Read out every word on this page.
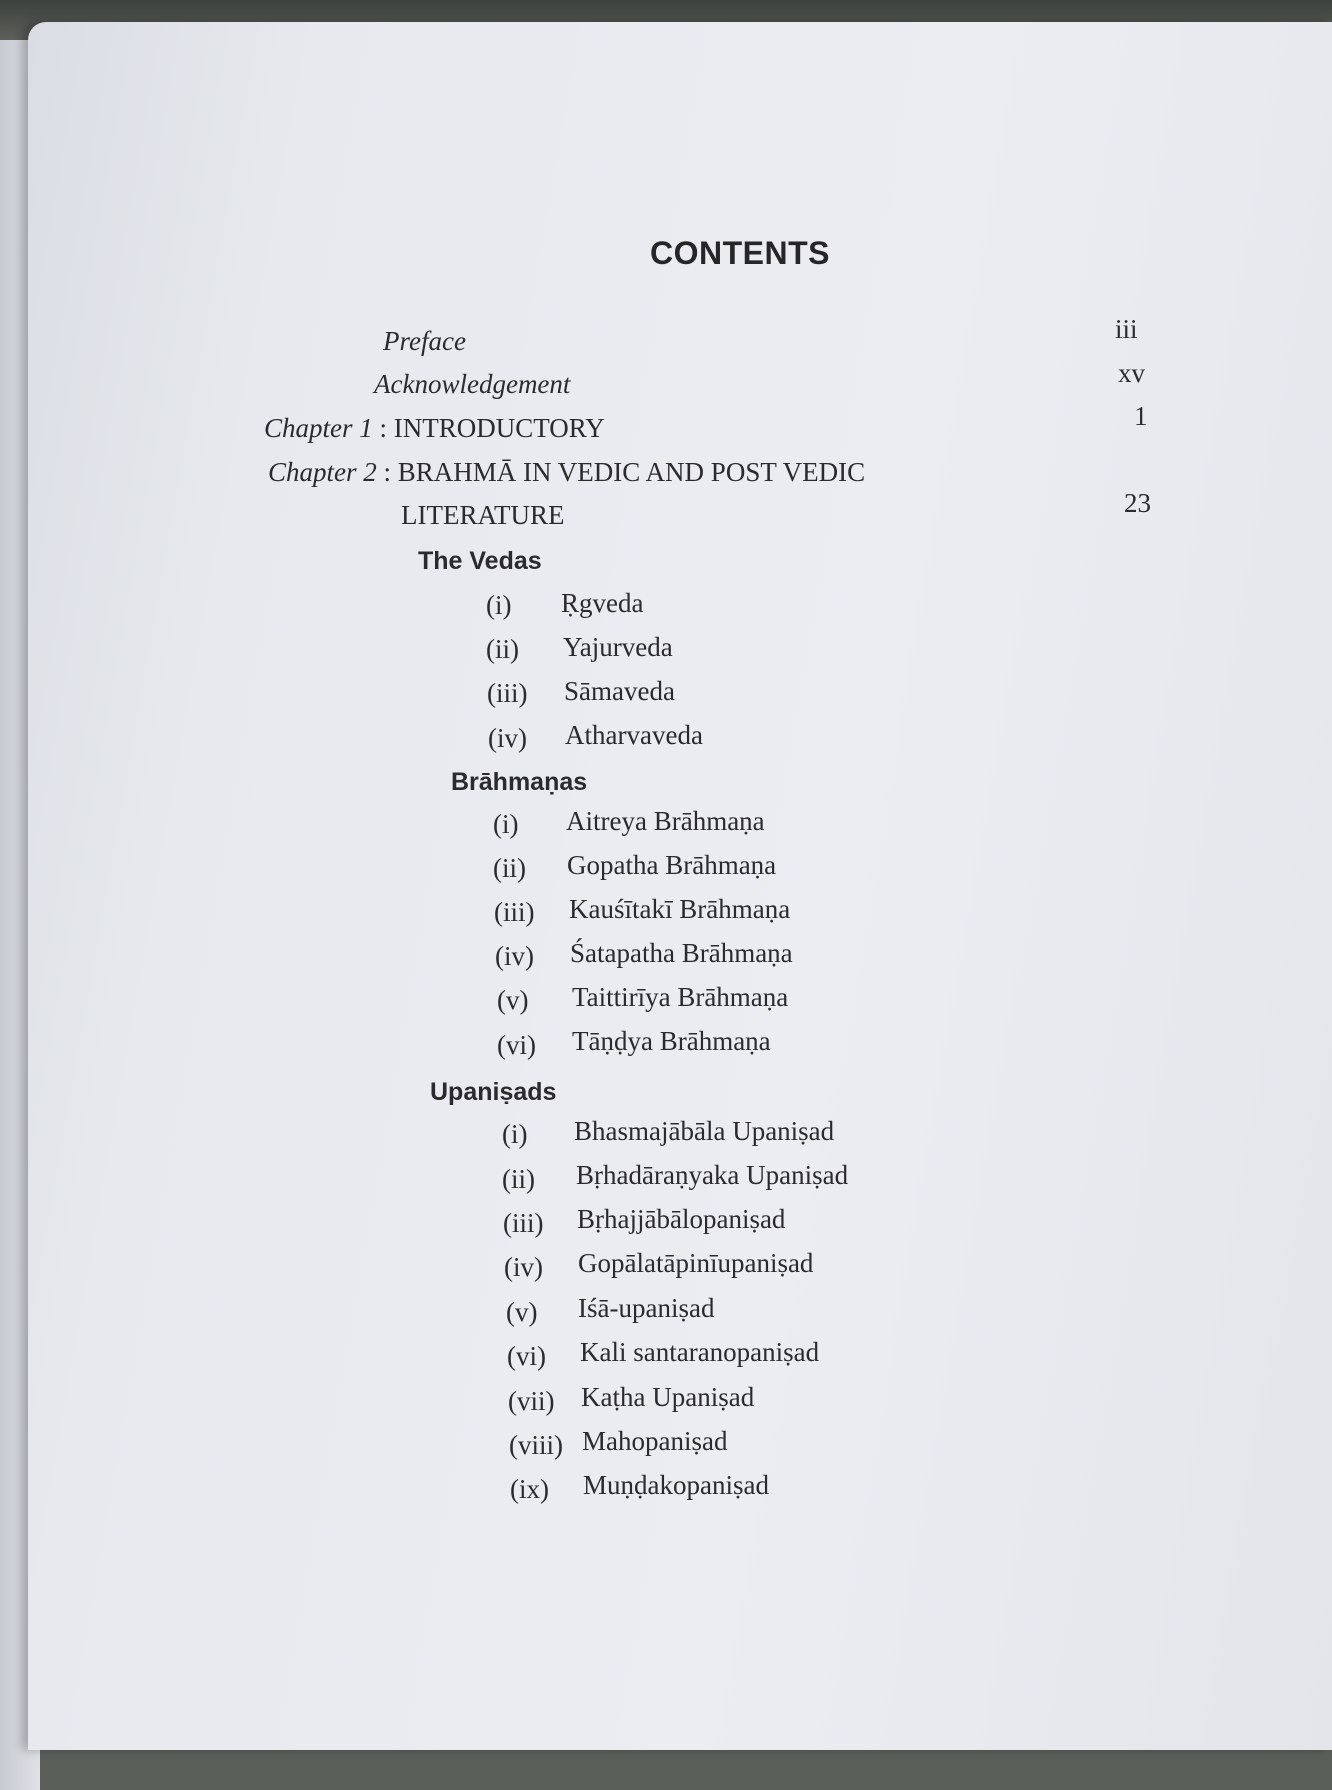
CONTENTS
Preface	iii
Acknowledgement	xv
Chapter 1 : INTRODUCTORY	1
Chapter 2 : BRAHMĀ IN VEDIC AND POST VEDIC
LITERATURE	23
The Vedas
(i) Ṛgveda
(ii) Yajurveda
(iii) Sāmaveda
(iv) Atharvaveda
Brāhmaṇas
(i) Aitreya Brāhmaṇa
(ii) Gopatha Brāhmaṇa
(iii) Kauśītakī Brāhmaṇa
(iv) Śatapatha Brāhmaṇa
(v) Taittirīya Brāhmaṇa
(vi) Tāṇḍya Brāhmaṇa
Upaniṣads
(i) Bhasmajābāla Upaniṣad
(ii) Bṛhadāraṇyaka Upaniṣad
(iii) Bṛhajjābālopaniṣad
(iv) Gopālatāpinīupaniṣad
(v) Iśā-upaniṣad
(vi) Kali santaranopaniṣad
(vii) Kaṭha Upaniṣad
(viii) Mahopaniṣad
(ix) Muṇḍakopaniṣad
